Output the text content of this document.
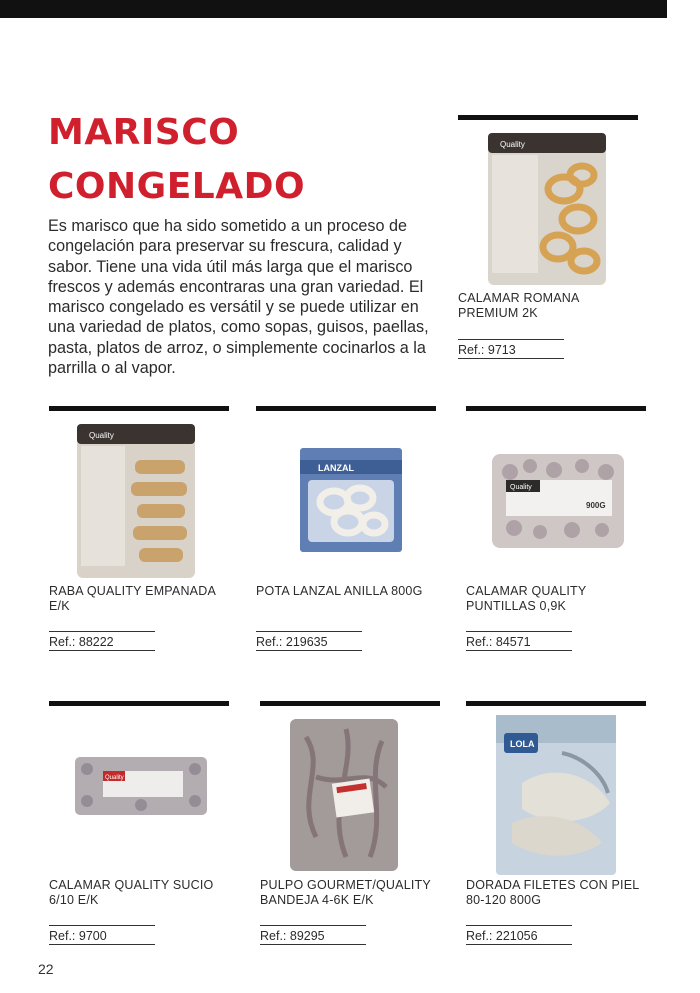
MARISCO
CONGELADO
Es marisco que ha sido sometido a un proceso de congelación para preservar su frescura, calidad y sabor. Tiene una vida útil más larga que el marisco frescos y además encontraras una gran variedad. El marisco congelado es versátil y se puede utilizar en una variedad de platos, como sopas, guisos, paellas, pasta, platos de arroz, o simplemente cocinarlos a la parrilla o al vapor.
Quality
CALAMAR ROMANA PREMIUM 2K
Ref.: 9713
Quality
RABA QUALITY EMPANADA E/K
Ref.: 88222
LANZAL
POTA LANZAL ANILLA 800G
Ref.: 219635
Quality
900G
CALAMAR QUALITY PUNTILLAS 0,9K
Ref.: 84571
Quality
CALAMAR QUALITY SUCIO 6/10 E/K
Ref.: 9700
PULPO GOURMET/QUALITY BANDEJA 4-6K E/K
Ref.: 89295
LOLA
DORADA FILETES CON PIEL 80-120 800G
Ref.: 221056
22
